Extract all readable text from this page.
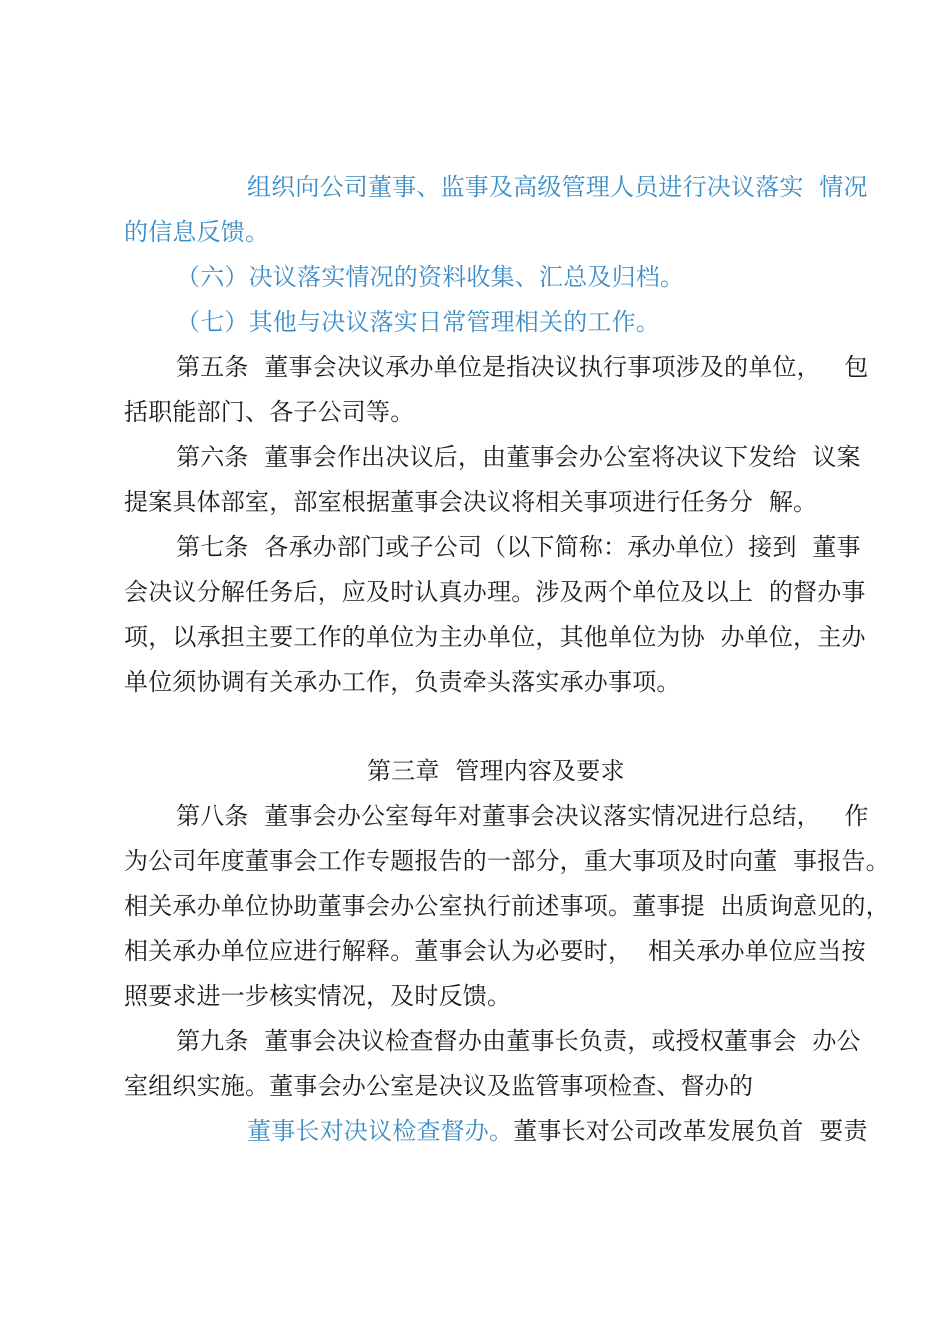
组织向公司董事、监事及高级管理人员进行决议落实  情况
的信息反馈。
（六）决议落实情况的资料收集、汇总及归档。
（七）其他与决议落实日常管理相关的工作。
第五条  董事会决议承办单位是指决议执行事项涉及的单位，   包
括职能部门、各子公司等。
第六条  董事会作出决议后，由董事会办公室将决议下发给  议案
提案具体部室，部室根据董事会决议将相关事项进行任务分  解。
第七条  各承办部门或子公司（以下简称：承办单位）接到  董事
会决议分解任务后，应及时认真办理。涉及两个单位及以上  的督办事
项，以承担主要工作的单位为主办单位，其他单位为协  办单位，主办
单位须协调有关承办工作，负责牵头落实承办事项。
第三章  管理内容及要求
第八条  董事会办公室每年对董事会决议落实情况进行总结，   作
为公司年度董事会工作专题报告的一部分，重大事项及时向董  事报告。
相关承办单位协助董事会办公室执行前述事项。董事提  出质询意见的，
相关承办单位应进行解释。董事会认为必要时，  相关承办单位应当按
照要求进一步核实情况，及时反馈。
第九条  董事会决议检查督办由董事长负责，或授权董事会  办公
室组织实施。董事会办公室是决议及监管事项检查、督办的
董事长对决议检查督办。董事长对公司改革发展负首  要责
